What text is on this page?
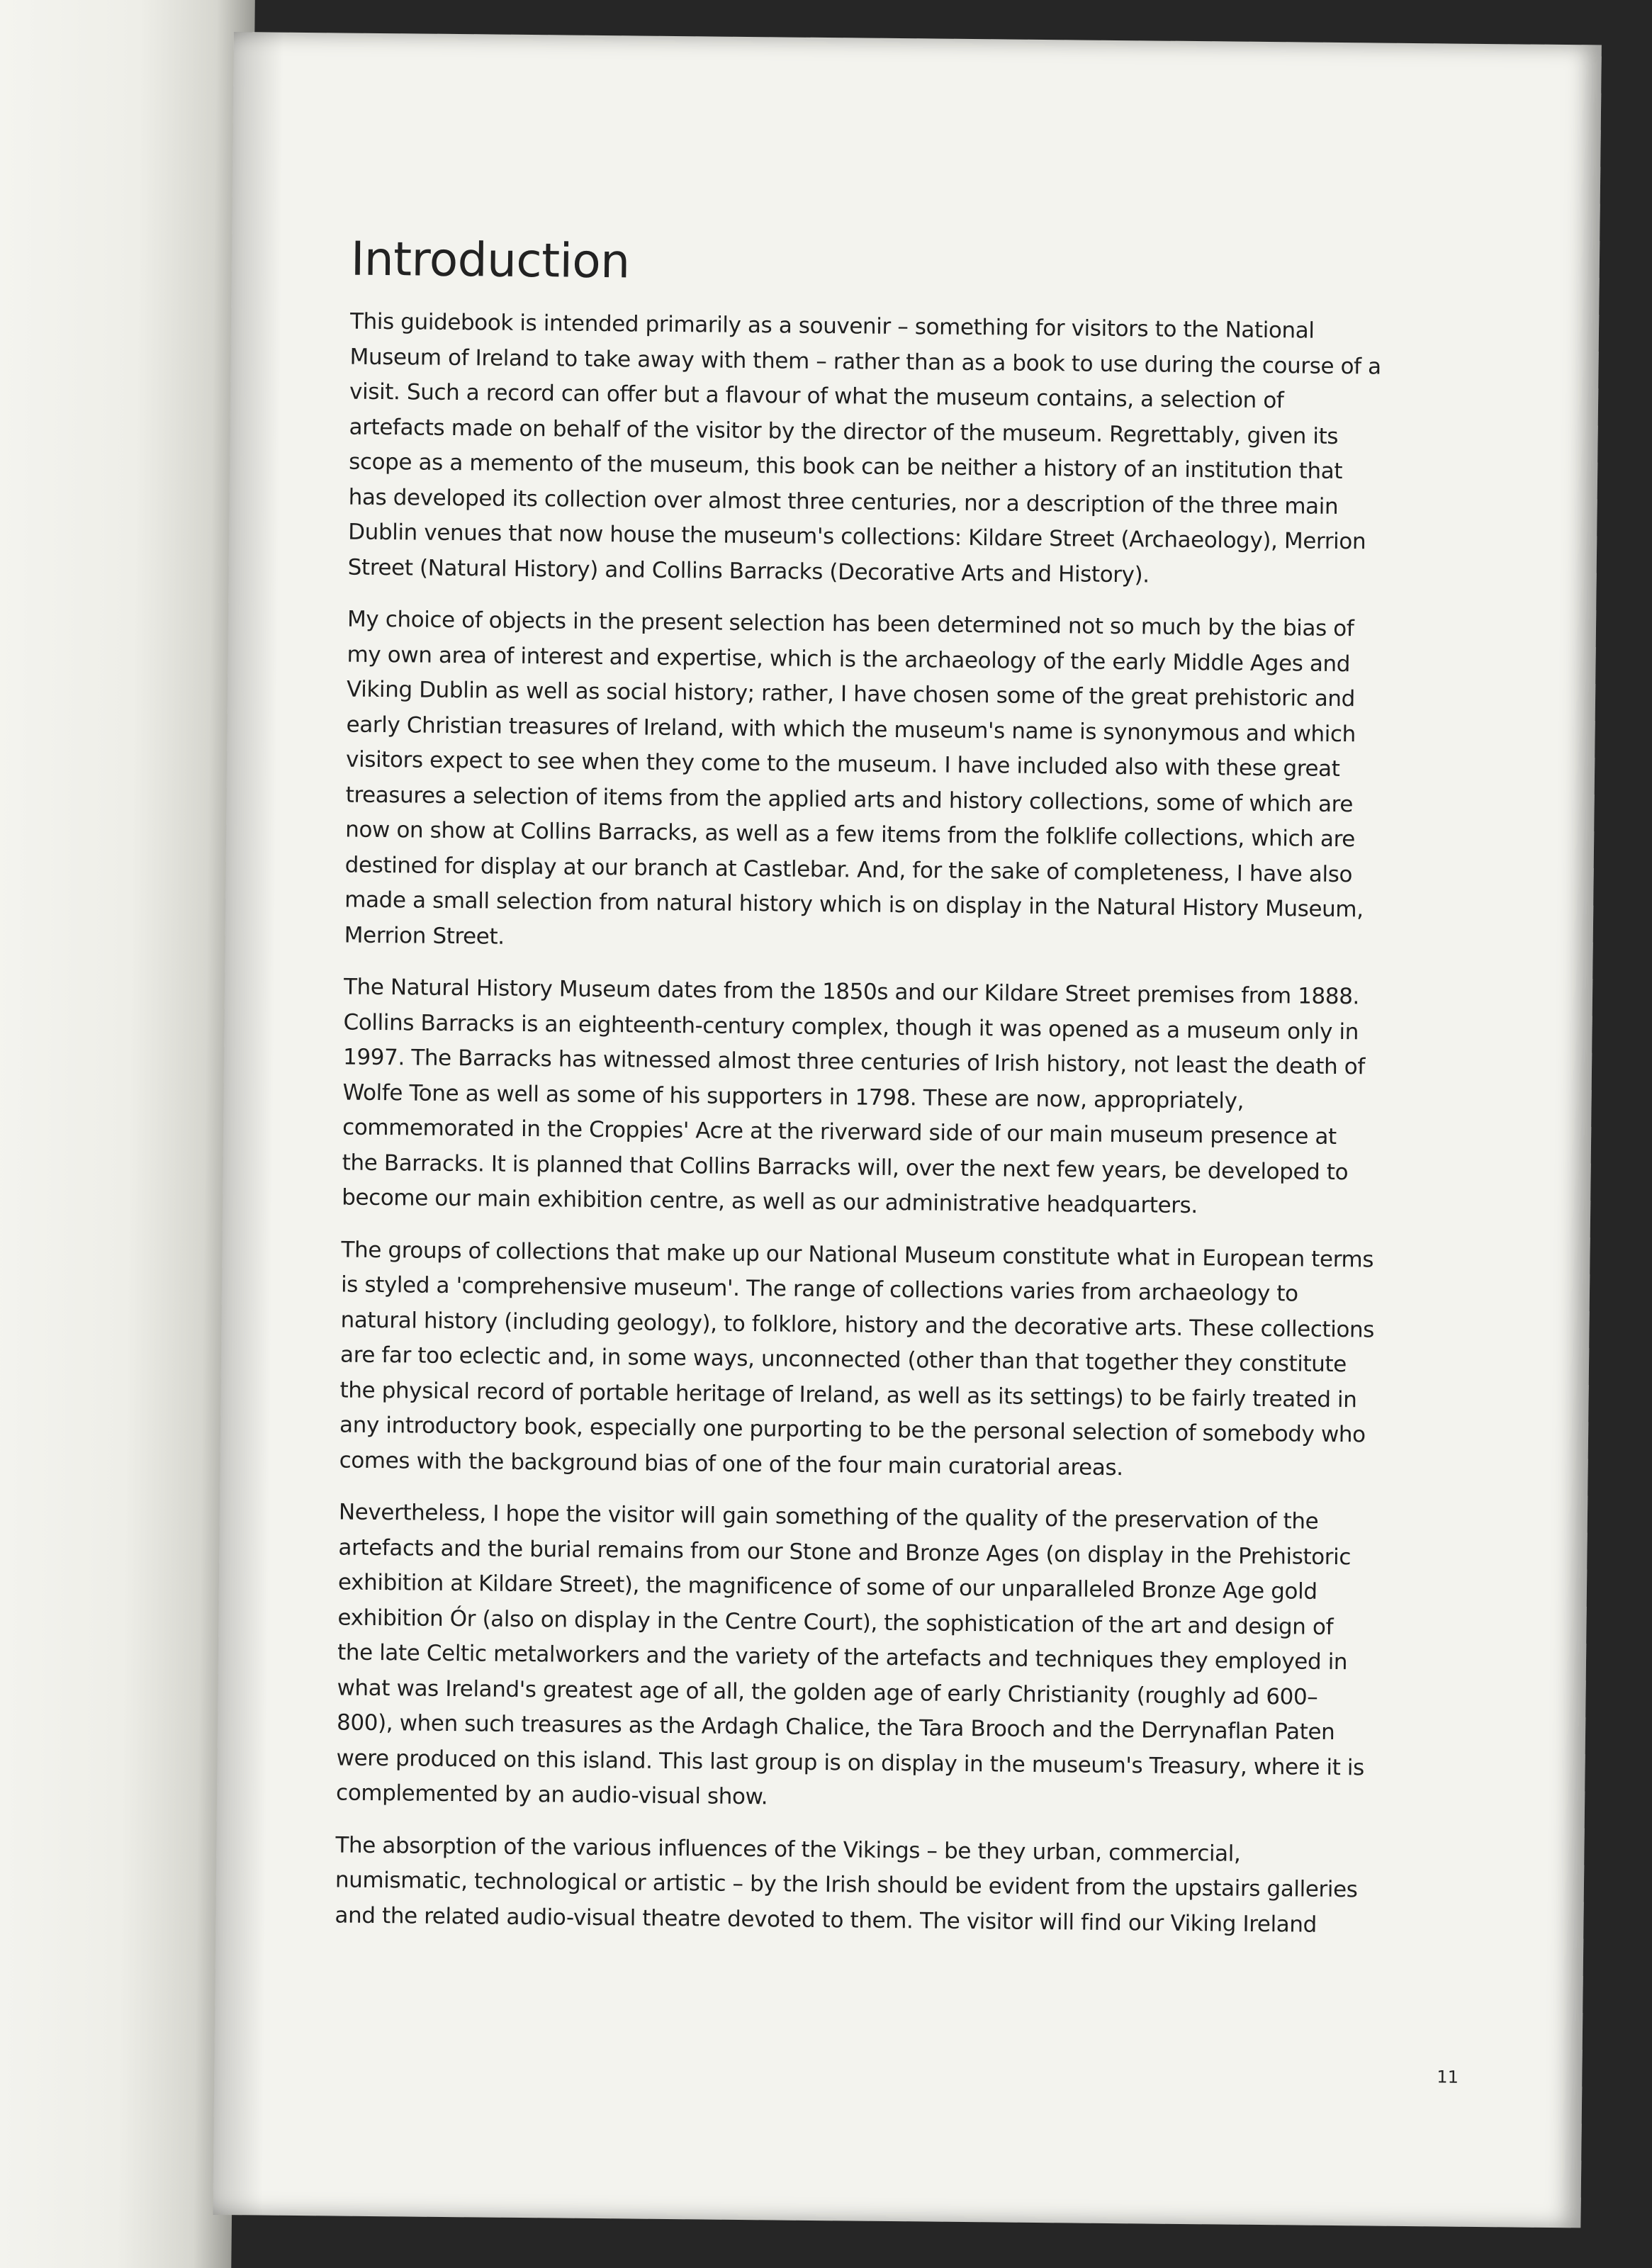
Introduction

This guidebook is intended primarily as a souvenir – something for visitors to the National Museum of Ireland to take away with them – rather than as a book to use during the course of a visit. Such a record can offer but a flavour of what the museum contains, a selection of artefacts made on behalf of the visitor by the director of the museum. Regrettably, given its scope as a memento of the museum, this book can be neither a history of an institution that has developed its collection over almost three centuries, nor a description of the three main Dublin venues that now house the museum's collections: Kildare Street (Archaeology), Merrion Street (Natural History) and Collins Barracks (Decorative Arts and History).

My choice of objects in the present selection has been determined not so much by the bias of my own area of interest and expertise, which is the archaeology of the early Middle Ages and Viking Dublin as well as social history; rather, I have chosen some of the great prehistoric and early Christian treasures of Ireland, with which the museum's name is synonymous and which visitors expect to see when they come to the museum. I have included also with these great treasures a selection of items from the applied arts and history collections, some of which are now on show at Collins Barracks, as well as a few items from the folklife collections, which are destined for display at our branch at Castlebar. And, for the sake of completeness, I have also made a small selection from natural history which is on display in the Natural History Museum, Merrion Street.

The Natural History Museum dates from the 1850s and our Kildare Street premises from 1888. Collins Barracks is an eighteenth-century complex, though it was opened as a museum only in 1997. The Barracks has witnessed almost three centuries of Irish history, not least the death of Wolfe Tone as well as some of his supporters in 1798. These are now, appropriately, commemorated in the Croppies' Acre at the riverward side of our main museum presence at the Barracks. It is planned that Collins Barracks will, over the next few years, be developed to become our main exhibition centre, as well as our administrative headquarters.

The groups of collections that make up our National Museum constitute what in European terms is styled a 'comprehensive museum'. The range of collections varies from archaeology to natural history (including geology), to folklore, history and the decorative arts. These collections are far too eclectic and, in some ways, unconnected (other than that together they constitute the physical record of portable heritage of Ireland, as well as its settings) to be fairly treated in any introductory book, especially one purporting to be the personal selection of somebody who comes with the background bias of one of the four main curatorial areas.

Nevertheless, I hope the visitor will gain something of the quality of the preservation of the artefacts and the burial remains from our Stone and Bronze Ages (on display in the Prehistoric exhibition at Kildare Street), the magnificence of some of our unparalleled Bronze Age gold exhibition Ór (also on display in the Centre Court), the sophistication of the art and design of the late Celtic metalworkers and the variety of the artefacts and techniques they employed in what was Ireland's greatest age of all, the golden age of early Christianity (roughly ad 600–800), when such treasures as the Ardagh Chalice, the Tara Brooch and the Derrynaflan Paten were produced on this island. This last group is on display in the museum's Treasury, where it is complemented by an audio-visual show.

The absorption of the various influences of the Vikings – be they urban, commercial, numismatic, technological or artistic – by the Irish should be evident from the upstairs galleries and the related audio-visual theatre devoted to them. The visitor will find our Viking Ireland

11
